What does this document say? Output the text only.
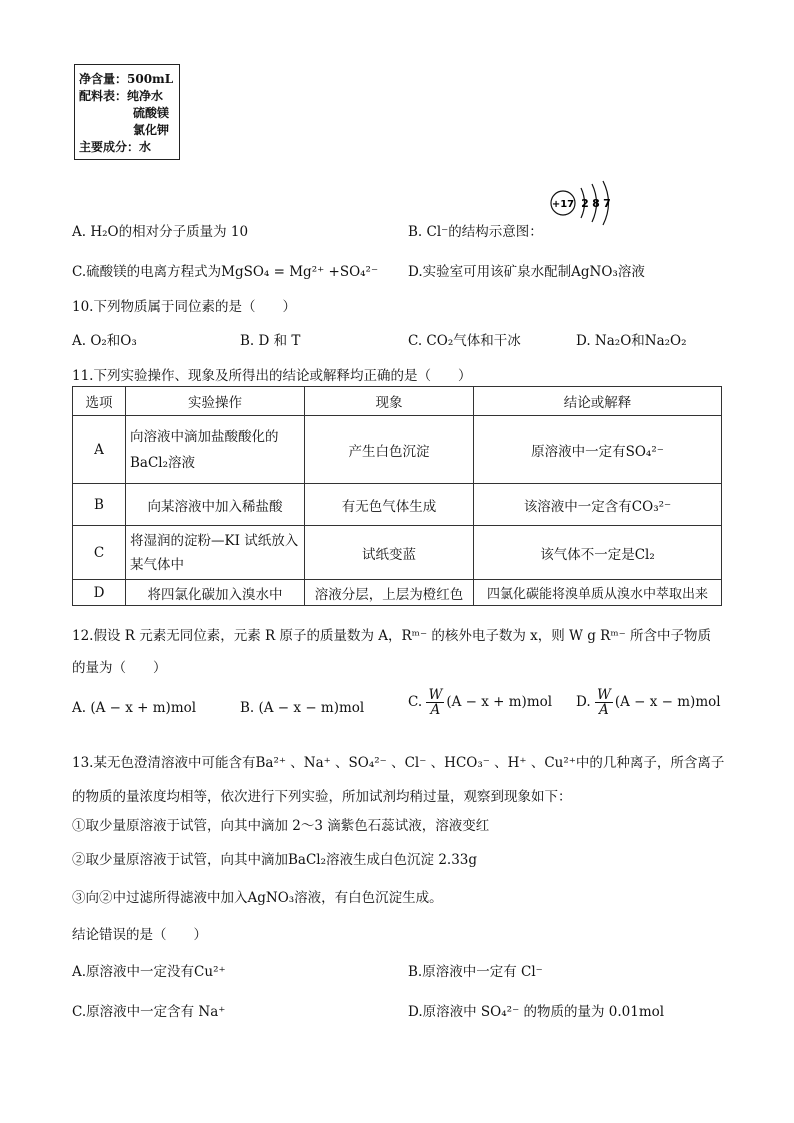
净含量：500mL
配料表：纯净水
硫酸镁
氯化钾
主要成分：水
+17 2 8 7
A. H₂O的相对分子质量为 10	B. Cl⁻的结构示意图：
C.硫酸镁的电离方程式为MgSO₄ = Mg²⁺ +SO₄²⁻ D.实验室可用该矿泉水配制AgNO₃溶液
10.下列物质属于同位素的是（　　）
A. O₂和O₃	B. D 和 T	C. CO₂气体和干冰	D. Na₂O和Na₂O₂
11.下列实验操作、现象及所得出的结论或解释均正确的是（　　）
选项	实验操作	现象	结论或解释
A	向溶液中滴加盐酸酸化的BaCl₂溶液	产生白色沉淀	原溶液中一定有SO₄²⁻
B	向某溶液中加入稀盐酸	有无色气体生成	该溶液中一定含有CO₃²⁻
C	将湿润的淀粉—KI 试纸放入某气体中	试纸变蓝	该气体不一定是Cl₂
D	将四氯化碳加入溴水中	溶液分层，上层为橙红色	四氯化碳能将溴单质从溴水中萃取出来
12.假设 R 元素无同位素，元素 R 原子的质量数为 A，Rᵐ⁻ 的核外电子数为 x，则 W g Rᵐ⁻ 所含中子物质
的量为（　　）
A. (A − x + m)mol	B. (A − x − m)mol	C. $\frac{W}{A} (A - x + m)mol$ D. $\frac{W}{A} (A - x - m)mol$
13.某无色澄清溶液中可能含有Ba²⁺ 、Na⁺ 、SO₄²⁻ 、Cl⁻ 、HCO₃⁻ 、H⁺ 、Cu²⁺中的几种离子，所含离子
的物质的量浓度均相等，依次进行下列实验，所加试剂均稍过量，观察到现象如下：
①取少量原溶液于试管，向其中滴加 2～3 滴紫色石蕊试液，溶液变红
②取少量原溶液于试管，向其中滴加BaCl₂溶液生成白色沉淀 2.33g
③向②中过滤所得滤液中加入AgNO₃溶液，有白色沉淀生成。
结论错误的是（　　）
A.原溶液中一定没有Cu²⁺	B.原溶液中一定有 Cl⁻
C.原溶液中一定含有 Na⁺	D.原溶液中 SO₄²⁻ 的物质的量为 0.01mol
